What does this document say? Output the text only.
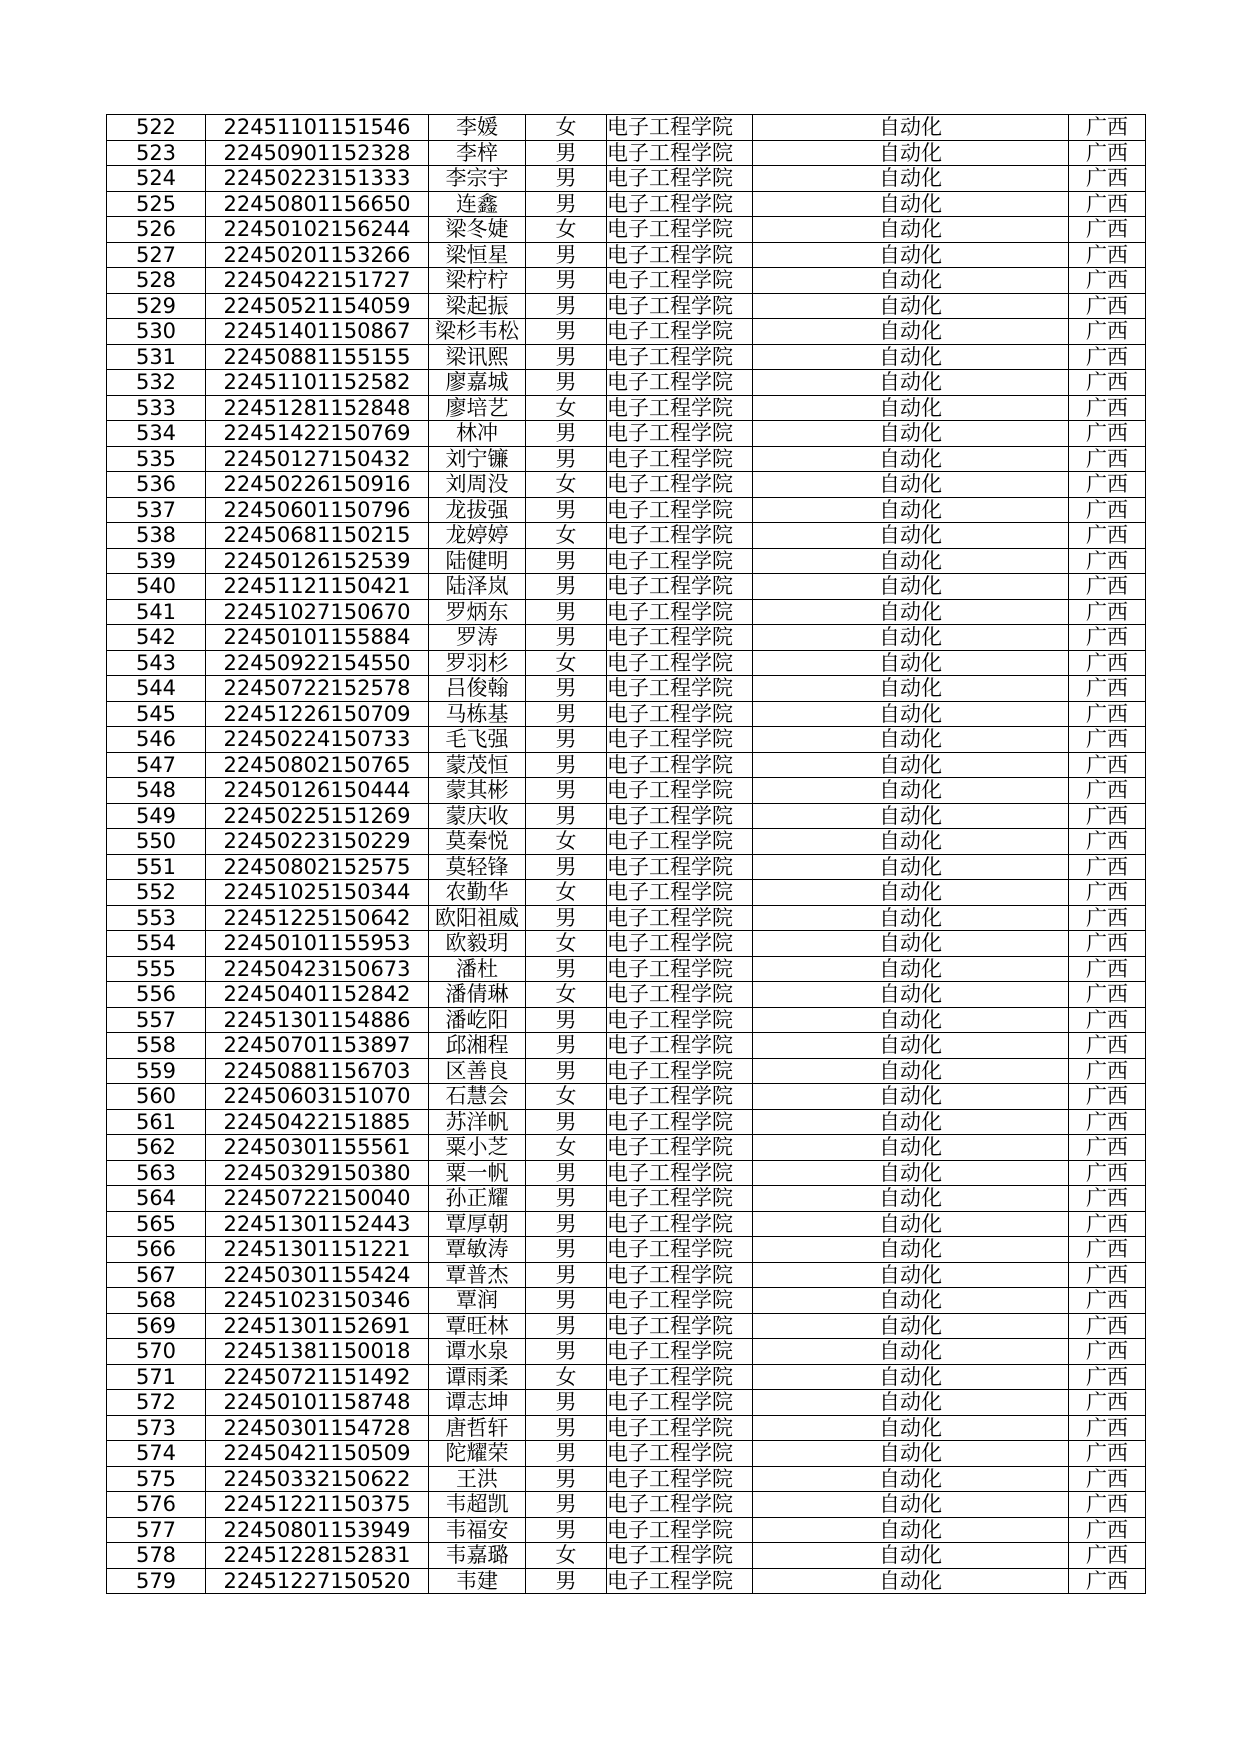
522	22451101151546	李媛	女	电子工程学院	自动化	广西
523	22450901152328	李梓	男	电子工程学院	自动化	广西
524	22450223151333	李宗宇	男	电子工程学院	自动化	广西
525	22450801156650	连鑫	男	电子工程学院	自动化	广西
526	22450102156244	梁冬婕	女	电子工程学院	自动化	广西
527	22450201153266	梁恒星	男	电子工程学院	自动化	广西
528	22450422151727	梁柠柠	男	电子工程学院	自动化	广西
529	22450521154059	梁起振	男	电子工程学院	自动化	广西
530	22451401150867	梁杉韦松	男	电子工程学院	自动化	广西
531	22450881155155	梁讯熙	男	电子工程学院	自动化	广西
532	22451101152582	廖嘉城	男	电子工程学院	自动化	广西
533	22451281152848	廖培艺	女	电子工程学院	自动化	广西
534	22451422150769	林冲	男	电子工程学院	自动化	广西
535	22450127150432	刘宁镰	男	电子工程学院	自动化	广西
536	22450226150916	刘周没	女	电子工程学院	自动化	广西
537	22450601150796	龙拔强	男	电子工程学院	自动化	广西
538	22450681150215	龙婷婷	女	电子工程学院	自动化	广西
539	22450126152539	陆健明	男	电子工程学院	自动化	广西
540	22451121150421	陆泽岚	男	电子工程学院	自动化	广西
541	22451027150670	罗炳东	男	电子工程学院	自动化	广西
542	22450101155884	罗涛	男	电子工程学院	自动化	广西
543	22450922154550	罗羽杉	女	电子工程学院	自动化	广西
544	22450722152578	吕俊翰	男	电子工程学院	自动化	广西
545	22451226150709	马栋基	男	电子工程学院	自动化	广西
546	22450224150733	毛飞强	男	电子工程学院	自动化	广西
547	22450802150765	蒙茂恒	男	电子工程学院	自动化	广西
548	22450126150444	蒙其彬	男	电子工程学院	自动化	广西
549	22450225151269	蒙庆收	男	电子工程学院	自动化	广西
550	22450223150229	莫秦悦	女	电子工程学院	自动化	广西
551	22450802152575	莫轻锋	男	电子工程学院	自动化	广西
552	22451025150344	农勤华	女	电子工程学院	自动化	广西
553	22451225150642	欧阳祖威	男	电子工程学院	自动化	广西
554	22450101155953	欧毅玥	女	电子工程学院	自动化	广西
555	22450423150673	潘杜	男	电子工程学院	自动化	广西
556	22450401152842	潘倩琳	女	电子工程学院	自动化	广西
557	22451301154886	潘屹阳	男	电子工程学院	自动化	广西
558	22450701153897	邱湘程	男	电子工程学院	自动化	广西
559	22450881156703	区善良	男	电子工程学院	自动化	广西
560	22450603151070	石慧会	女	电子工程学院	自动化	广西
561	22450422151885	苏洋帆	男	电子工程学院	自动化	广西
562	22450301155561	粟小芝	女	电子工程学院	自动化	广西
563	22450329150380	粟一帆	男	电子工程学院	自动化	广西
564	22450722150040	孙正耀	男	电子工程学院	自动化	广西
565	22451301152443	覃厚朝	男	电子工程学院	自动化	广西
566	22451301151221	覃敏涛	男	电子工程学院	自动化	广西
567	22450301155424	覃普杰	男	电子工程学院	自动化	广西
568	22451023150346	覃润	男	电子工程学院	自动化	广西
569	22451301152691	覃旺林	男	电子工程学院	自动化	广西
570	22451381150018	谭水泉	男	电子工程学院	自动化	广西
571	22450721151492	谭雨柔	女	电子工程学院	自动化	广西
572	22450101158748	谭志坤	男	电子工程学院	自动化	广西
573	22450301154728	唐哲轩	男	电子工程学院	自动化	广西
574	22450421150509	陀耀荣	男	电子工程学院	自动化	广西
575	22450332150622	王洪	男	电子工程学院	自动化	广西
576	22451221150375	韦超凯	男	电子工程学院	自动化	广西
577	22450801153949	韦福安	男	电子工程学院	自动化	广西
578	22451228152831	韦嘉璐	女	电子工程学院	自动化	广西
579	22451227150520	韦建	男	电子工程学院	自动化	广西
